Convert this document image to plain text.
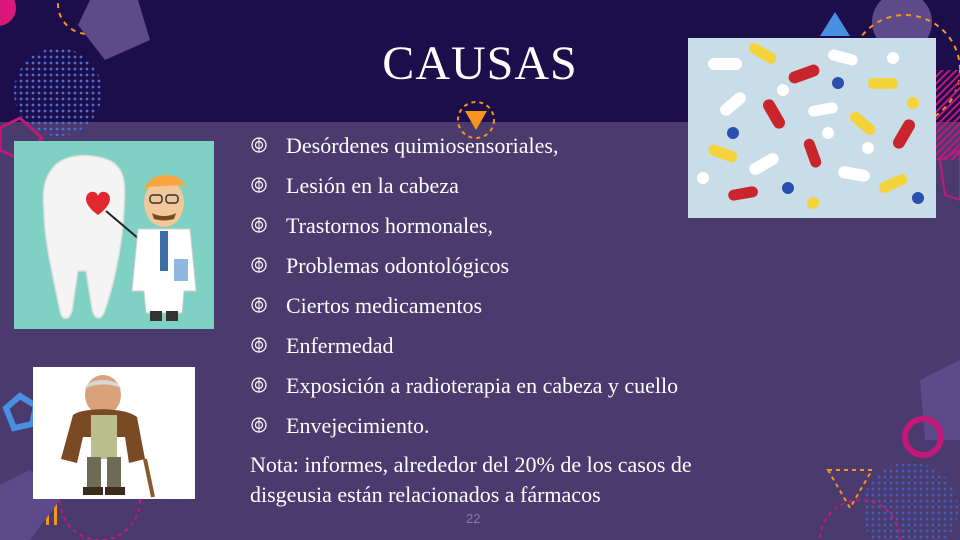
CAUSAS
Desórdenes quimiosensoriales,
Lesión en la cabeza
Trastornos hormonales,
Problemas odontológicos
Ciertos medicamentos
Enfermedad
Exposición a radioterapia en cabeza y cuello
Envejecimiento.
Nota: informes, alrededor del 20% de los casos de
disgeusia están relacionados a fármacos
22
